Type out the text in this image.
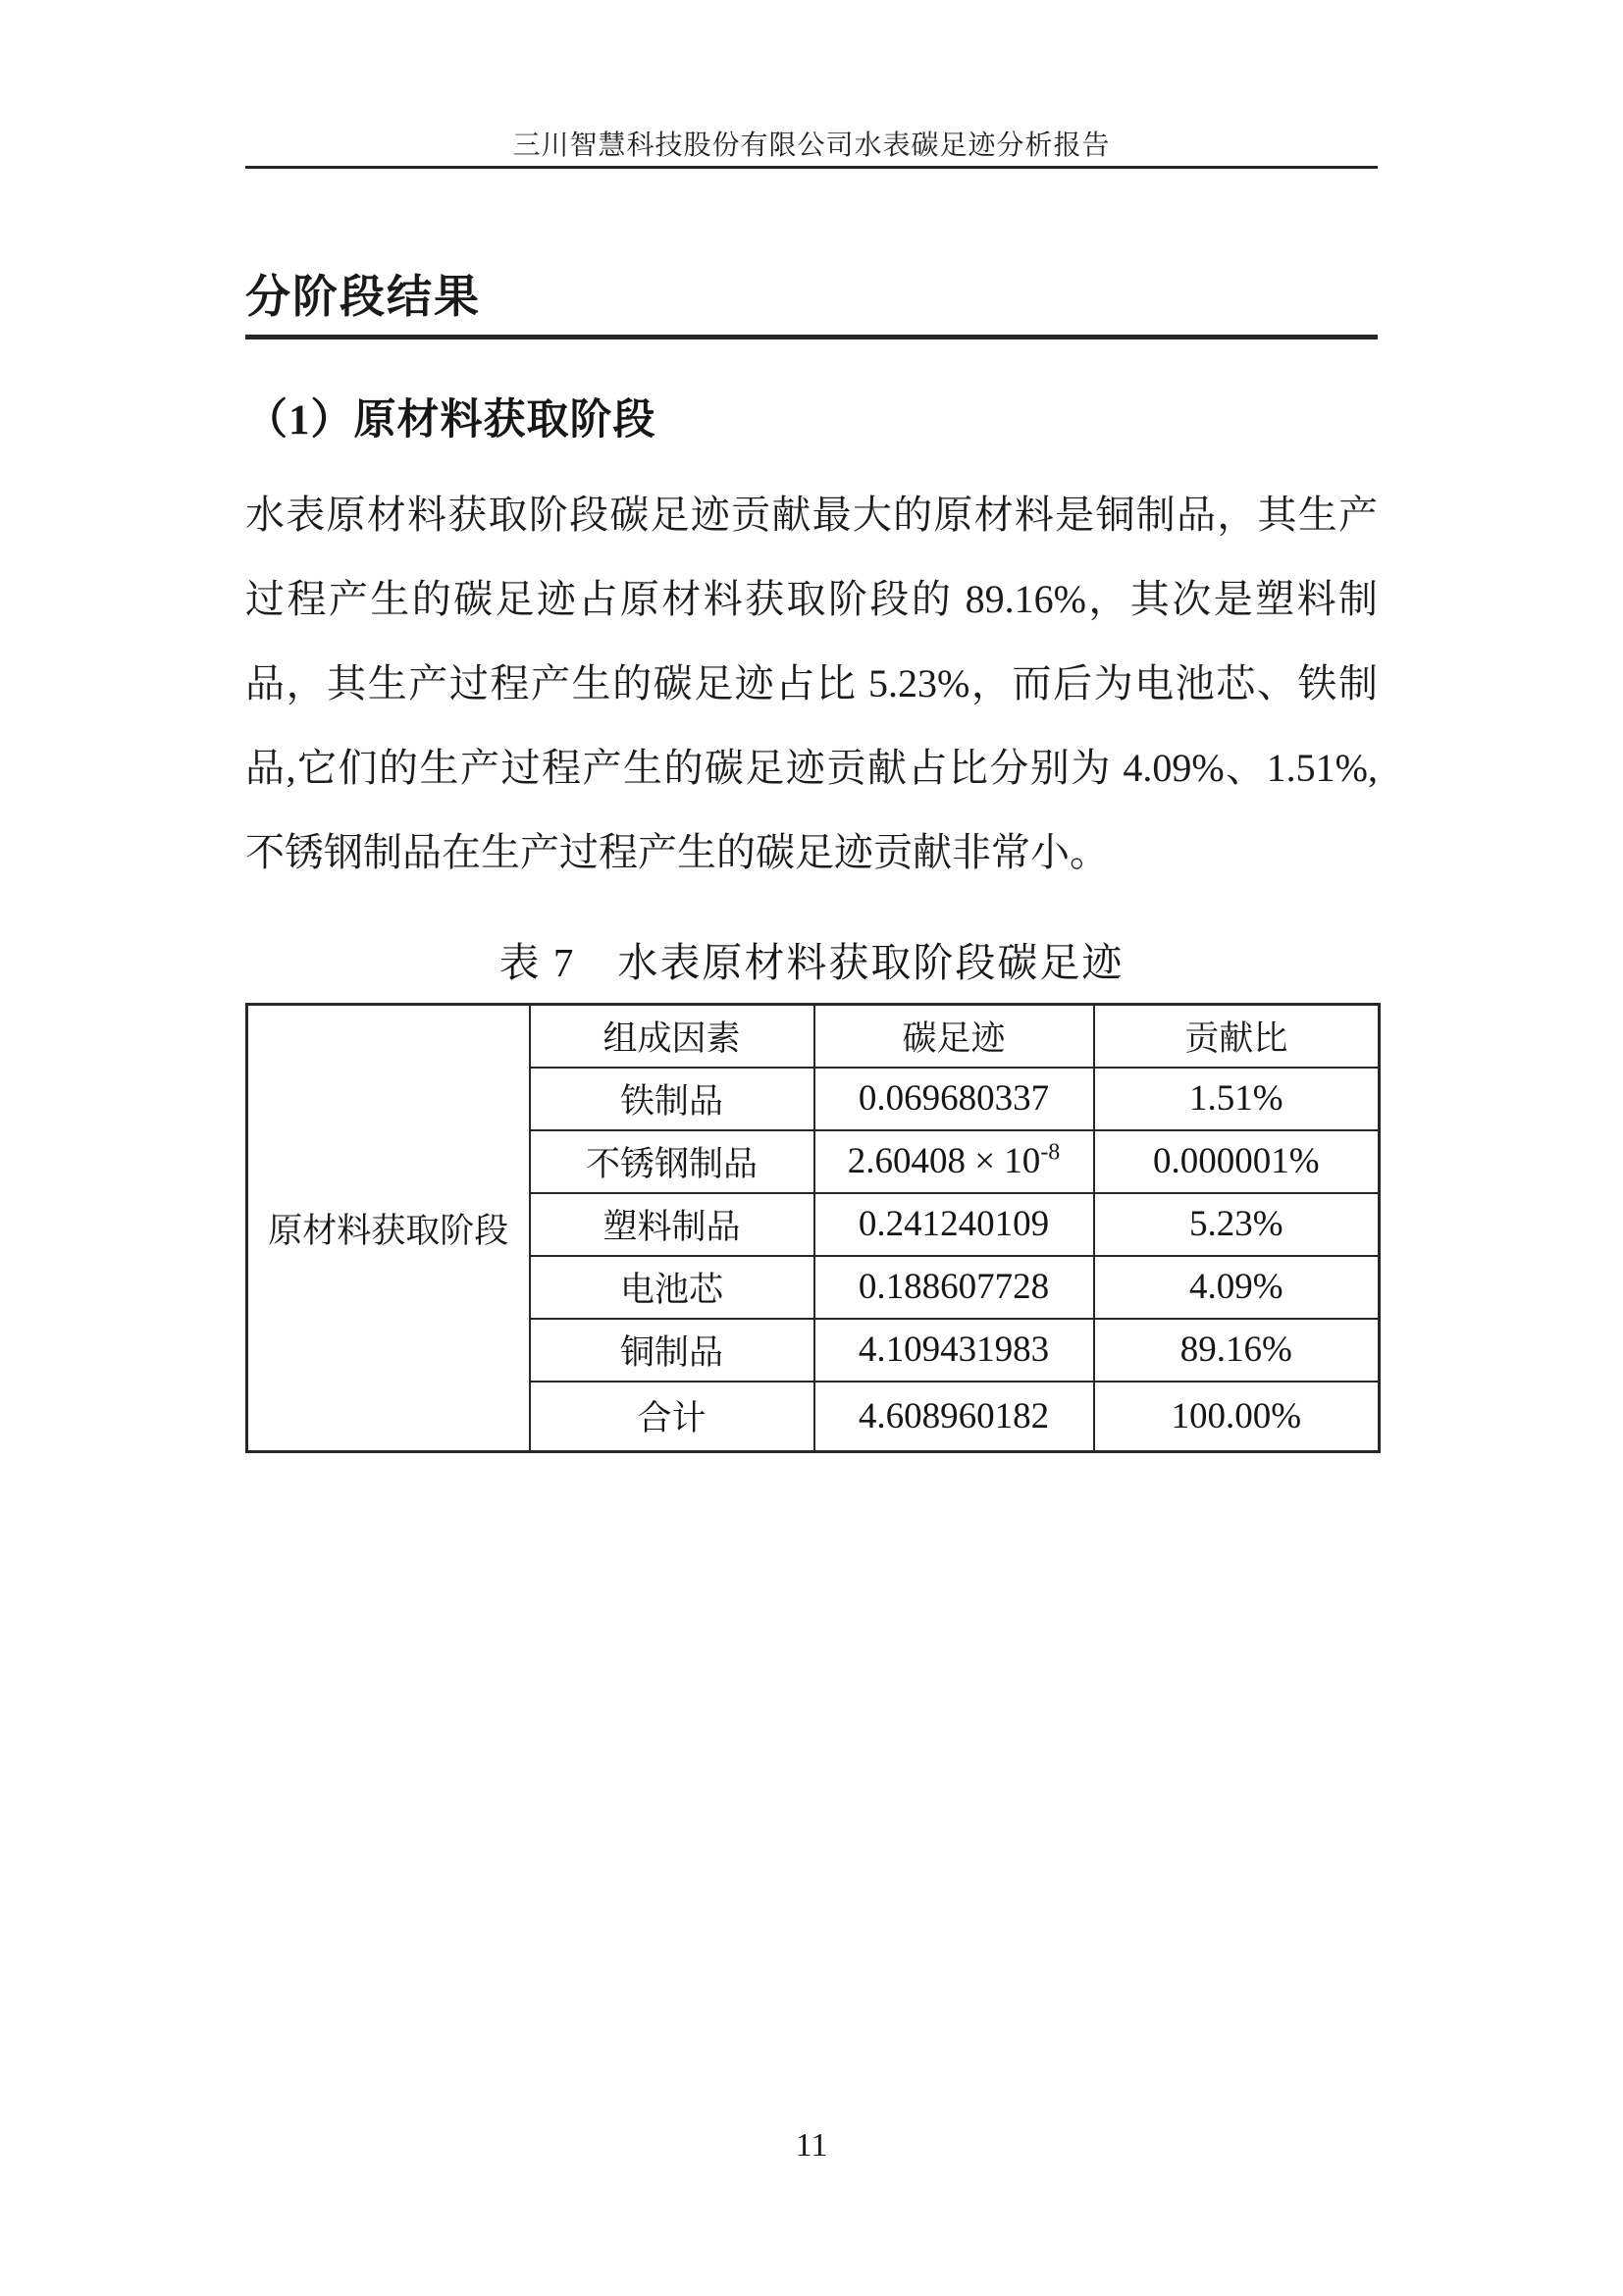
三川智慧科技股份有限公司水表碳足迹分析报告
分阶段结果
（1）原材料获取阶段
水表原材料获取阶段碳足迹贡献最大的原材料是铜制品，其生产
过程产生的碳足迹占原材料获取阶段的 89.16%，其次是塑料制
品，其生产过程产生的碳足迹占比 5.23%，而后为电池芯、铁制
品,它们的生产过程产生的碳足迹贡献占比分别为 4.09%、1.51%,
不锈钢制品在生产过程产生的碳足迹贡献非常小。
表 7　水表原材料获取阶段碳足迹
原材料获取阶段	组成因素	碳足迹	贡献比
	铁制品	0.069680337	1.51%
	不锈钢制品	$2.60408 \times 10^{-8}$	0.000001%
	塑料制品	0.241240109	5.23%
	电池芯	0.188607728	4.09%
	铜制品	4.109431983	89.16%
	合计	4.608960182	100.00%
11
